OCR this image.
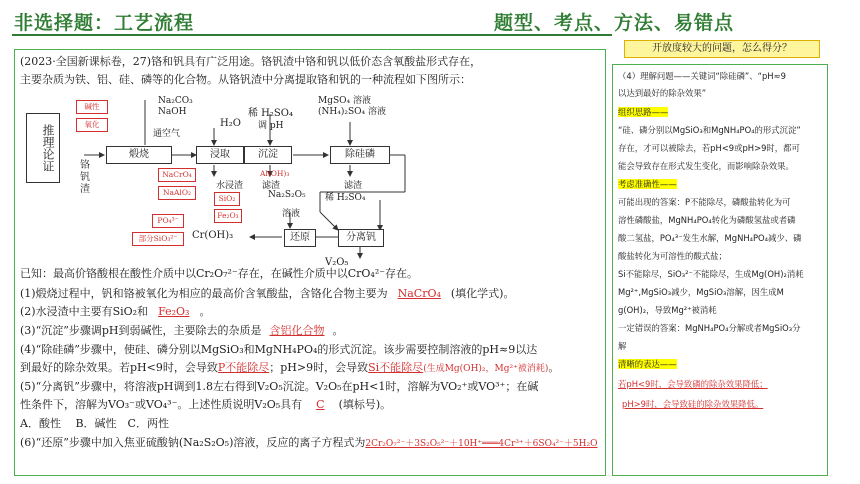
非选择题：工艺流程	题型、考点、方法、易错点
开放度较大的问题，怎么得分？
(2023·全国新课标卷，27)铬和钒具有广泛用途。铬钒渣中铬和钒以低价态含氧酸盐形式存在，
主要杂质为铁、铝、硅、磷等的化合物。从铬钒渣中分离提取铬和钒的一种流程如下图所示：
推理论证	铬钒渣
Na₂CO₃
NaOH
通空气
H₂O
稀 H₂SO₄
调 pH
MgSO₄ 溶液
(NH₄)₂SO₄ 溶液
稀 H₂SO₄
Na₂S₂O₅
V₂O₅
煅烧	浸取	沉淀	除硅磷
分离钒
还原
水浸渣 滤渣	滤渣
溶液
Cr(OH)₃
碱性
氧化
NaCrO₄
NaAlO₂
SiO₂
Fe₂O₃
Al(OH)₃
PO₄³⁻
部分SiO₃²⁻
已知：最高价铬酸根在酸性介质中以Cr₂O₇²⁻存在，在碱性介质中以CrO₄²⁻存在。
(1)煅烧过程中，钒和铬被氧化为相应的最高价含氧酸盐，含铬化合物主要为 NaCrO₄ (填化学式)。
(2)水浸渣中主要有SiO₂和 Fe₂O₃ 。
(3)“沉淀”步骤调pH到弱碱性，主要除去的杂质是 含铝化合物 。
(4)“除硅磷”步骤中，使硅、磷分别以MgSiO₃和MgNH₄PO₄的形式沉淀。该步需要控制溶液的pH≈9以达
到最好的除杂效果。若pH<9时，会导致P不能除尽；pH>9时，会导致Si不能除尽(生成Mg(OH)₂，Mg²⁺被消耗)。
(5)“分离钒”步骤中，将溶液pH调到1.8左右得到V₂O₅沉淀。V₂O₅在pH<1时，溶解为VO₂⁺或VO³⁺；在碱
性条件下，溶解为VO₃⁻或VO₄³⁻。上述性质说明V₂O₅具有 C (填标号)。
A．酸性　 B．碱性　C．两性
(6)“还原”步骤中加入焦亚硫酸钠(Na₂S₂O₅)溶液，反应的离子方程式为2Cr₂O₇²⁻＋3S₂O₅²⁻＋10H⁺═══4Cr³⁺＋6SO₄²⁻＋5H₂O
（4）理解问题——关键词“除硅磷”、“pH≈9
以达到最好的除杂效果”
组织思路——
“硅、磷分别以MgSiO₃和MgNH₄PO₄的形式沉淀”
存在，才可以被除去，若pH<9或pH>9时，都可
能会导致存在形式发生变化，而影响除杂效果。
考虑准确性——
可能出现的答案：P不能除尽，磷酸盐转化为可
溶性磷酸盐，MgNH₄PO₄转化为磷酸氢盐或者磷
酸二氢盐，PO₄³⁻发生水解，MgNH₄PO₄减少、磷
酸盐转化为可溶性的酸式盐；
Si不能除尽，SiO₃²⁻不能除尽，生成Mg(OH)₂消耗
Mg²⁺,MgSiO₃减少，MgSiO₃溶解，因生成M
g(OH)₂，导致Mg²⁺被消耗
一定错误的答案：MgNH₄PO₄分解或者MgSiO₃分
解
清晰的表达——
若pH<9时，会导致磷的除杂效果降低；
pH>9时，会导致硅的除杂效果降低。
